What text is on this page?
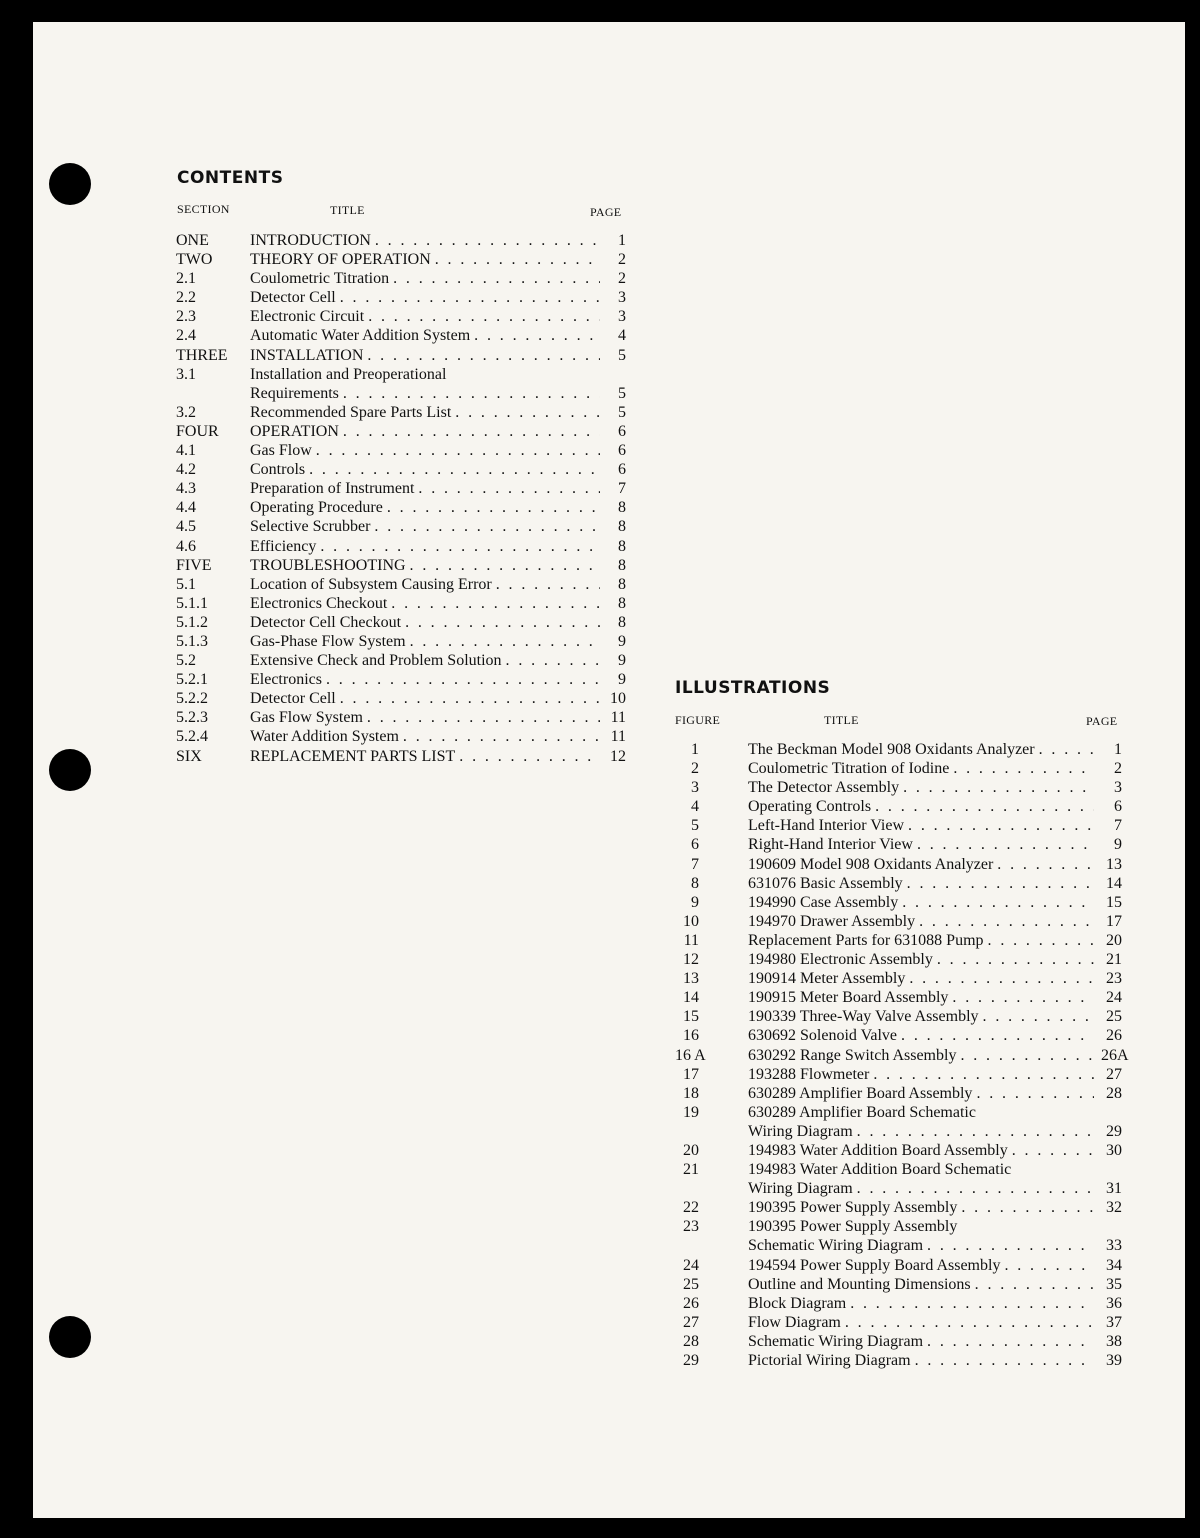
CONTENTS
SECTION	TITLE	PAGE
ONE	INTRODUCTION . . .	1
TWO THEORY OF OPERATION . . .	2
2.1	Coulometric Titration . . .	2
2.2	Detector Cell . . .	3
2.3	Electronic Circuit . . .	3
2.4	Automatic Water Addition System . . .	4
THREE INSTALLATION . . .	5
3.1	Installation and Preoperational
Requirements . . .	5
3.2	Recommended Spare Parts List . . .	5
FOUR OPERATION . . .	6
4.1	Gas Flow . . .	6
4.2	Controls . . .	6
4.3	Preparation of Instrument . . .	7
4.4	Operating Procedure . . .	8
4.5	Selective Scrubber . . .	8
4.6	Efficiency . . .	8
FIVE TROUBLESHOOTING . . .	8
5.1	Location of Subsystem Causing Error . . .	8
5.1.1	Electronics Checkout . . .	8
5.1.2	Detector Cell Checkout . . .	8
5.1.3	Gas-Phase Flow System . . .	9
5.2	Extensive Check and Problem Solution . . .	9
5.2.1	Electronics . . .	9
5.2.2	Detector Cell . . .	10
5.2.3	Gas Flow System . . .	11
5.2.4	Water Addition System . . .	11
SIX	REPLACEMENT PARTS LIST . . .	12
ILLUSTRATIONS
FIGURE	TITLE	PAGE
1	The Beckman Model 908 Oxidants Analyzer . . .	1
2	Coulometric Titration of Iodine . . .	2
3	The Detector Assembly . . .	3
4	Operating Controls . . .	6
5	Left-Hand Interior View . . .	7
6	Right-Hand Interior View . . .	9
7	190609 Model 908 Oxidants Analyzer . . .	13
8	631076 Basic Assembly . . .	14
9	194990 Case Assembly . . .	15
10	194970 Drawer Assembly . . .	17
11	Replacement Parts for 631088 Pump . . .	20
12	194980 Electronic Assembly . . .	21
13	190914 Meter Assembly . . .	23
14	190915 Meter Board Assembly . . .	24
15	190339 Three-Way Valve Assembly . . .	25
16	630692 Solenoid Valve . . .	26
16 A	630292 Range Switch Assembly . . .	26A
17	193288 Flowmeter . . .	27
18	630289 Amplifier Board Assembly . . .	28
19	630289 Amplifier Board Schematic
Wiring Diagram . . .	29
20	194983 Water Addition Board Assembly . . .	30
21	194983 Water Addition Board Schematic
Wiring Diagram . . .	31
22	190395 Power Supply Assembly . . .	32
23	190395 Power Supply Assembly
Schematic Wiring Diagram . . .	33
24	194594 Power Supply Board Assembly . . .	34
25	Outline and Mounting Dimensions . . .	35
26	Block Diagram . . .	36
27	Flow Diagram . . .	37
28	Schematic Wiring Diagram . . .	38
29	Pictorial Wiring Diagram . . .	39
